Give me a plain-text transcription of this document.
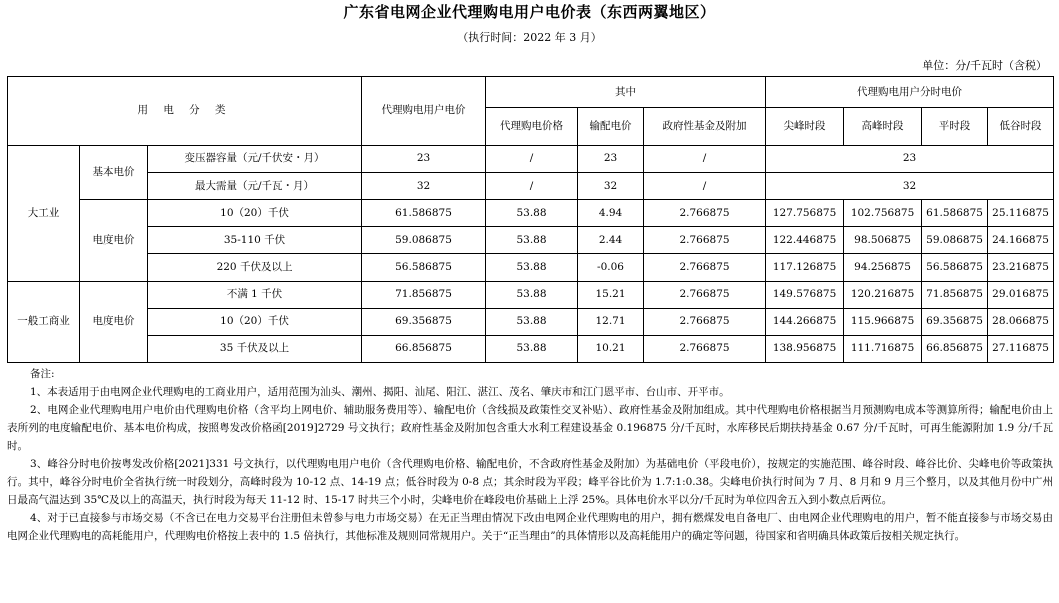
广东省电网企业代理购电用户电价表（东西两翼地区）
（执行时间：2022 年 3 月）
单位：分/千瓦时（含税）
用 电 分 类			代理购电用户电价	其中			代理购电用户分时电价			
				代理购电价格	输配电价	政府性基金及附加	尖峰时段	高峰时段	平时段	低谷时段
大工业	基本电价	变压器容量（元/千伏安・月）	23	/	23	/	23			
		最大需量（元/千瓦・月）	32	/	32	/	32			
	电度电价	10（20）千伏	61.586875	53.88	4.94	2.766875	127.756875	102.756875	61.586875	25.116875
		35-110 千伏	59.086875	53.88	2.44	2.766875	122.446875	98.506875	59.086875	24.166875
		220 千伏及以上	56.586875	53.88	-0.06	2.766875	117.126875	94.256875	56.586875	23.216875
一般工商业	电度电价	不满 1 千伏	71.856875	53.88	15.21	2.766875	149.576875	120.216875	71.856875	29.016875
		10（20）千伏	69.356875	53.88	12.71	2.766875	144.266875	115.966875	69.356875	28.066875
		35 千伏及以上	66.856875	53.88	10.21	2.766875	138.956875	111.716875	66.856875	27.116875

备注:

1、本表适用于由电网企业代理购电的工商业用户，适用范围为汕头、潮州、揭阳、汕尾、阳江、湛江、茂名、肇庆市和江门恩平市、台山市、开平市。

2、电网企业代理购电用户电价由代理购电价格（含平均上网电价、辅助服务费用等）、输配电价（含线损及政策性交叉补贴）、政府性基金及附加组成。其中代理购电价格根据当月预测购电成本等测算所得；输配电价由上表所列的电度输配电价、基本电价构成，按照粤发改价格函[2019]2729 号文执行；政府性基金及附加包含重大水利工程建设基金 0.196875 分/千瓦时，水库移民后期扶持基金 0.67 分/千瓦时，可再生能源附加 1.9 分/千瓦时。

3、峰谷分时电价按粤发改价格[2021]331 号文执行，以代理购电用户电价（含代理购电价格、输配电价，不含政府性基金及附加）为基础电价（平段电价），按规定的实施范围、峰谷时段、峰谷比价、尖峰电价等政策执行。其中，峰谷分时电价全省执行统一时段划分，高峰时段为 10-12 点、14-19 点；低谷时段为 0-8 点；其余时段为平段；峰平谷比价为 1.7:1:0.38。尖峰电价执行时间为 7 月、8 月和 9 月三个整月，以及其他月份中广州日最高气温达到 35℃及以上的高温天，执行时段为每天 11-12 时、15-17 时共三个小时，尖峰电价在峰段电价基础上上浮 25%。具体电价水平以分/千瓦时为单位四舍五入到小数点后两位。

4、对于已直接参与市场交易（不含已在电力交易平台注册但未曾参与电力市场交易）在无正当理由情况下改由电网企业代理购电的用户，拥有燃煤发电自备电厂、由电网企业代理购电的用户，暂不能直接参与市场交易由电网企业代理购电的高耗能用户，代理购电价格按上表中的 1.5 倍执行，其他标准及规则同常规用户。关于“正当理由”的具体情形以及高耗能用户的确定等问题，待国家和省明确具体政策后按相关规定执行。
